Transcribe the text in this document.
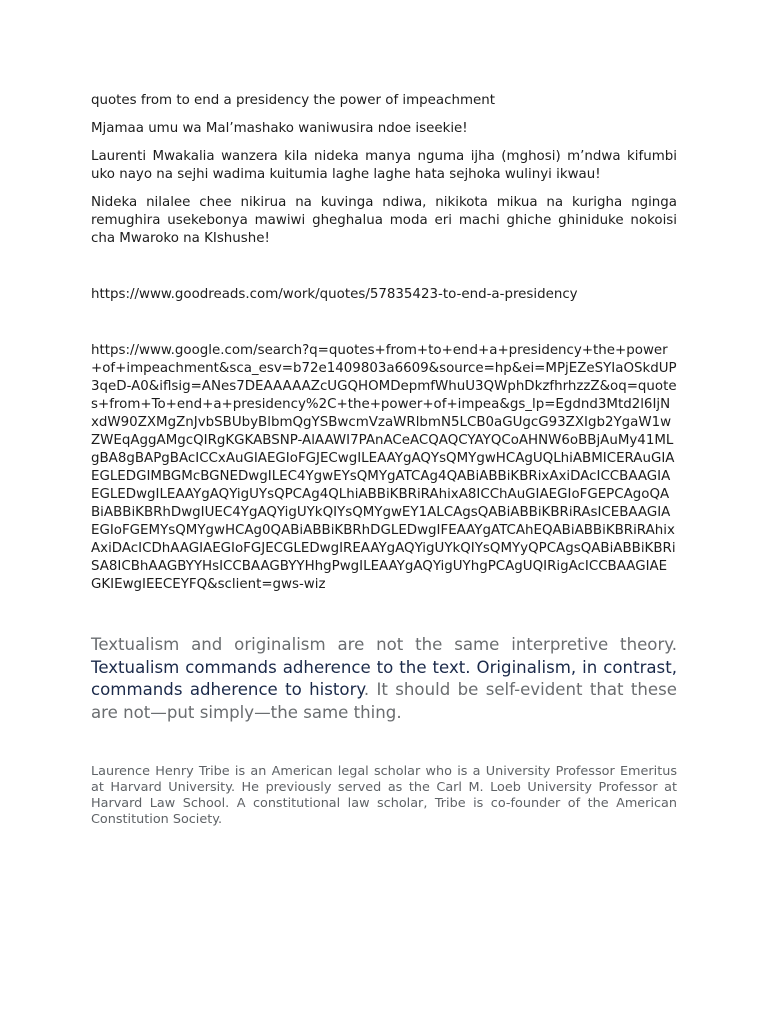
quotes from to end a presidency the power of impeachment

Mjamaa umu wa Mal’mashako waniwusira ndoe iseekie!

Laurenti Mwakalia wanzera kila nideka manya nguma ijha (mghosi) m’ndwa kifumbi uko nayo na sejhi wadima kuitumia laghe laghe hata sejhoka wulinyi ikwau!

Nideka nilalee chee nikirua na kuvinga ndiwa, nikikota mikua na kurigha nginga remughira usekebonya mawiwi gheghalua moda eri machi ghiche ghiniduke nokoisi cha Mwaroko na KIshushe!

https://www.goodreads.com/work/quotes/57835423-to-end-a-presidency

https://www.google.com/search?q=quotes+from+to+end+a+presidency+the+power+of+impeachment&sca_esv=b72e1409803a6609&source=hp&ei=MPjEZeSYIaOSkdUP3qeD-A0&iflsig=ANes7DEAAAAAZcUGQHOMDepmfWhuU3QWphDkzfhrhzzZ&oq=quotes+from+To+end+a+presidency%2C+the+power+of+impea&gs_lp=Egdnd3Mtd2l6IjNxdW90ZXMgZnJvbSBUbyBlbmQgYSBwcmVzaWRlbmN5LCB0aGUgcG93ZXIgb2YgaW1wZWEqAggAMgcQIRgKGKABSNP-AlAAWI7PAnACeACQAQCYAYQCoAHNW6oBBjAuMy41MLgBA8gBAPgBAcICCxAuGIAEGIoFGJECwgILEAAYgAQYsQMYgwHCAgUQLhiABMICERAuGIAEGLEDGIMBGMcBGNEDwgILEC4YgwEYsQMYgATCAg4QABiABBiKBRixAxiDAcICCBAAGIAEGLEDwgILEAAYgAQYigUYsQPCAg4QLhiABBiKBRiRAhixA8ICChAuGIAEGIoFGEPCAgoQABiABBiKBRhDwgIUEC4YgAQYigUYkQIYsQMYgwEY1ALCAgsQABiABBiKBRiRAsICEBAAGIAEGIoFGEMYsQMYgwHCAg0QABiABBiKBRhDGLEDwgIFEAAYgATCAhEQABiABBiKBRiRAhixAxiDAcICDhAAGIAEGIoFGJECGLEDwgIREAAYgAQYigUYkQIYsQMYyQPCAgsQABiABBiKBRiSA8ICBhAAGBYYHsICCBAAGBYYHhgPwgILEAAYgAQYigUYhgPCAgUQIRigAcICCBAAGIAEGKIEwgIEECEYFQ&sclient=gws-wiz

Textualism and originalism are not the same interpretive theory. Textualism commands adherence to the text. Originalism, in contrast, commands adherence to history. It should be self-evident that these are not—put simply—the same thing.

Laurence Henry Tribe is an American legal scholar who is a University Professor Emeritus at Harvard University. He previously served as the Carl M. Loeb University Professor at Harvard Law School. A constitutional law scholar, Tribe is co-founder of the American Constitution Society.
